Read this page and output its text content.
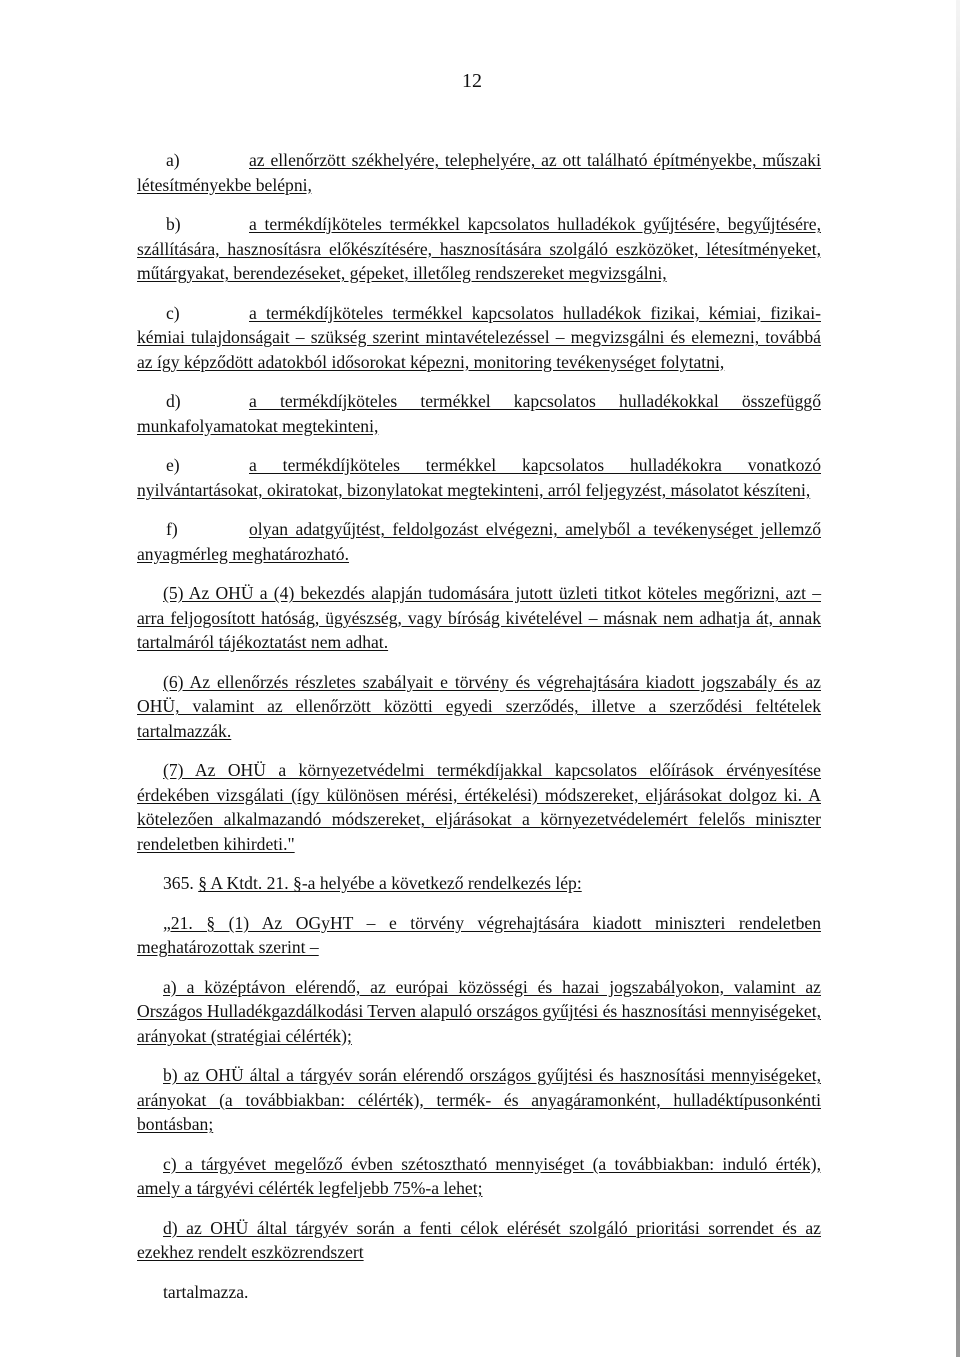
12

a)	az ellenőrzött székhelyére, telephelyére, az ott található építményekbe, műszaki létesítményekbe belépni,

b)	a termékdíjköteles termékkel kapcsolatos hulladékok gyűjtésére, begyűjtésére, szállítására, hasznosításra előkészítésére, hasznosítására szolgáló eszközöket, létesítményeket, műtárgyakat, berendezéseket, gépeket, illetőleg rendszereket megvizsgálni,

c)	a termékdíjköteles termékkel kapcsolatos hulladékok fizikai, kémiai, fizikai-kémiai tulajdonságait – szükség szerint mintavételezéssel – megvizsgálni és elemezni, továbbá az így képződött adatokból idősorokat képezni, monitoring tevékenységet folytatni,

d)	a termékdíjköteles termékkel kapcsolatos hulladékokkal összefüggő munkafolyamatokat megtekinteni,

e)	a termékdíjköteles termékkel kapcsolatos hulladékokra vonatkozó nyilvántartásokat, okiratokat, bizonylatokat megtekinteni, arról feljegyzést, másolatot készíteni,

f)	olyan adatgyűjtést, feldolgozást elvégezni, amelyből a tevékenységet jellemző anyagmérleg meghatározható.

(5) Az OHÜ a (4) bekezdés alapján tudomására jutott üzleti titkot köteles megőrizni, azt – arra feljogosított hatóság, ügyészség, vagy bíróság kivételével – másnak nem adhatja át, annak tartalmáról tájékoztatást nem adhat.

(6) Az ellenőrzés részletes szabályait e törvény és végrehajtására kiadott jogszabály és az OHÜ, valamint az ellenőrzött közötti egyedi szerződés, illetve a szerződési feltételek tartalmazzák.

(7) Az OHÜ a környezetvédelmi termékdíjakkal kapcsolatos előírások érvényesítése érdekében vizsgálati (így különösen mérési, értékelési) módszereket, eljárásokat dolgoz ki. A kötelezően alkalmazandó módszereket, eljárásokat a környezetvédelemért felelős miniszter rendeletben kihirdeti."

365. § A Ktdt. 21. §-a helyébe a következő rendelkezés lép:

„21. § (1) Az OGyHT – e törvény végrehajtására kiadott miniszteri rendeletben meghatározottak szerint –

a) a középtávon elérendő, az európai közösségi és hazai jogszabályokon, valamint az Országos Hulladékgazdálkodási Terven alapuló országos gyűjtési és hasznosítási mennyiségeket, arányokat (stratégiai célérték);

b) az OHÜ által a tárgyév során elérendő országos gyűjtési és hasznosítási mennyiségeket, arányokat (a továbbiakban: célérték), termék- és anyagáramonként, hulladéktípusonkénti bontásban;

c) a tárgyévet megelőző évben szétosztható mennyiséget (a továbbiakban: induló érték), amely a tárgyévi célérték legfeljebb 75%-a lehet;

d) az OHÜ által tárgyév során a fenti célok elérését szolgáló prioritási sorrendet és az ezekhez rendelt eszközrendszert

tartalmazza.
